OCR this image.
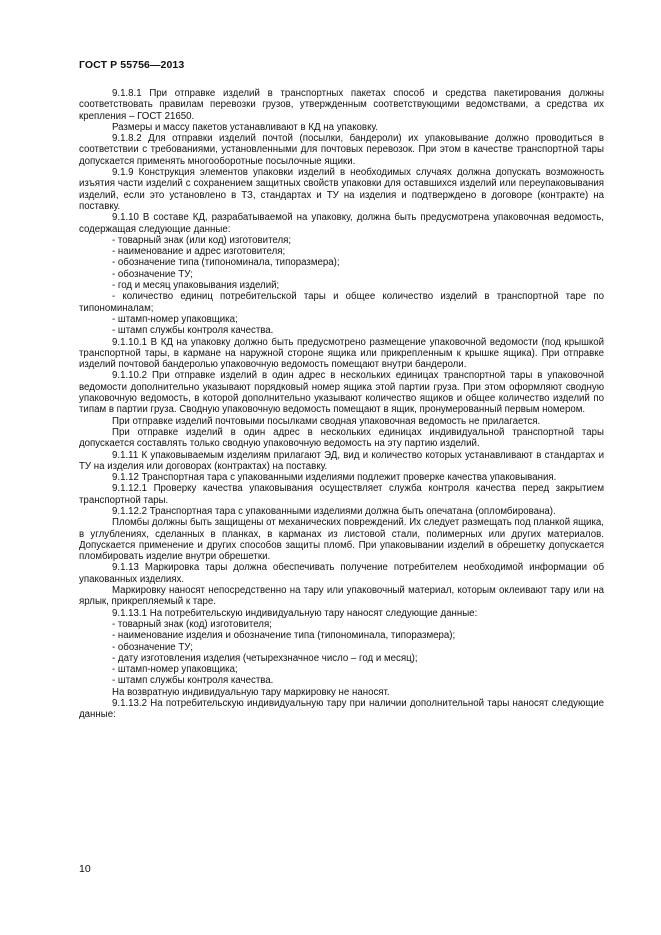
ГОСТ Р 55756—2013

9.1.8.1 При отправке изделий в транспортных пакетах способ и средства пакетирования должны соответствовать правилам перевозки грузов, утвержденным соответствующими ведомствами, а средства их крепления – ГОСТ 21650.

Размеры и массу пакетов устанавливают в КД на упаковку.

9.1.8.2 Для отправки изделий почтой (посылки, бандероли) их упаковывание должно проводиться в соответствии с требованиями, установленными для почтовых перевозок. При этом в качестве транспортной тары допускается применять многооборотные посылочные ящики.

9.1.9 Конструкция элементов упаковки изделий в необходимых случаях должна допускать возможность изъятия части изделий с сохранением защитных свойств упаковки для оставшихся изделий или переупаковывания изделий, если это установлено в ТЗ, стандартах и ТУ на изделия и подтверждено в договоре (контракте) на поставку.

9.1.10 В составе КД, разрабатываемой на упаковку, должна быть предусмотрена упаковочная ведомость, содержащая следующие данные:

- товарный знак (или код) изготовителя;

- наименование и адрес изготовителя;

- обозначение типа (типономинала, типоразмера);

- обозначение ТУ;

- год и месяц упаковывания изделий;

- количество единиц потребительской тары и общее количество изделий в транспортной таре по типономиналам;

- штамп-номер упаковщика;

- штамп службы контроля качества.

9.1.10.1 В КД на упаковку должно быть предусмотрено размещение упаковочной ведомости (под крышкой транспортной тары, в кармане на наружной стороне ящика или прикрепленным к крышке ящика). При отправке изделий почтовой бандеролью упаковочную ведомость помещают внутри бандероли.

9.1.10.2 При отправке изделий в один адрес в нескольких единицах транспортной тары в упаковочной ведомости дополнительно указывают порядковый номер ящика этой партии груза. При этом оформляют сводную упаковочную ведомость, в которой дополнительно указывают количество ящиков и общее количество изделий по типам в партии груза. Сводную упаковочную ведомость помещают в ящик, пронумерованный первым номером.

При отправке изделий почтовыми посылками сводная упаковочная ведомость не прилагается.

При отправке изделий в один адрес в нескольких единицах индивидуальной транспортной тары допускается составлять только сводную упаковочную ведомость на эту партию изделий.

9.1.11 К упаковываемым изделиям прилагают ЭД, вид и количество которых устанавливают в стандартах и ТУ на изделия или договорах (контрактах) на поставку.

9.1.12 Транспортная тара с упакованными изделиями подлежит проверке качества упаковывания.

9.1.12.1 Проверку качества упаковывания осуществляет служба контроля качества перед закрытием транспортной тары.

9.1.12.2 Транспортная тара с упакованными изделиями должна быть опечатана (опломбирована).

Пломбы должны быть защищены от механических повреждений. Их следует размещать под планкой ящика, в углублениях, сделанных в планках, в карманах из листовой стали, полимерных или других материалов. Допускается применение и других способов защиты пломб. При упаковывании изделий в обрешетку допускается пломбировать изделие внутри обрешетки.

9.1.13 Маркировка тары должна обеспечивать получение потребителем необходимой информации об упакованных изделиях.

Маркировку наносят непосредственно на тару или упаковочный материал, которым оклеивают тару или на ярлык, прикрепляемый к таре.

9.1.13.1 На потребительскую индивидуальную тару наносят следующие данные:

- товарный знак (код) изготовителя;

- наименование изделия и обозначение типа (типономинала, типоразмера);

- обозначение ТУ;

- дату изготовления изделия (четырехзначное число – год и месяц);

- штамп-номер упаковщика;

- штамп службы контроля качества.

На возвратную индивидуальную тару маркировку не наносят.

9.1.13.2 На потребительскую индивидуальную тару при наличии дополнительной тары наносят следующие данные:

10
